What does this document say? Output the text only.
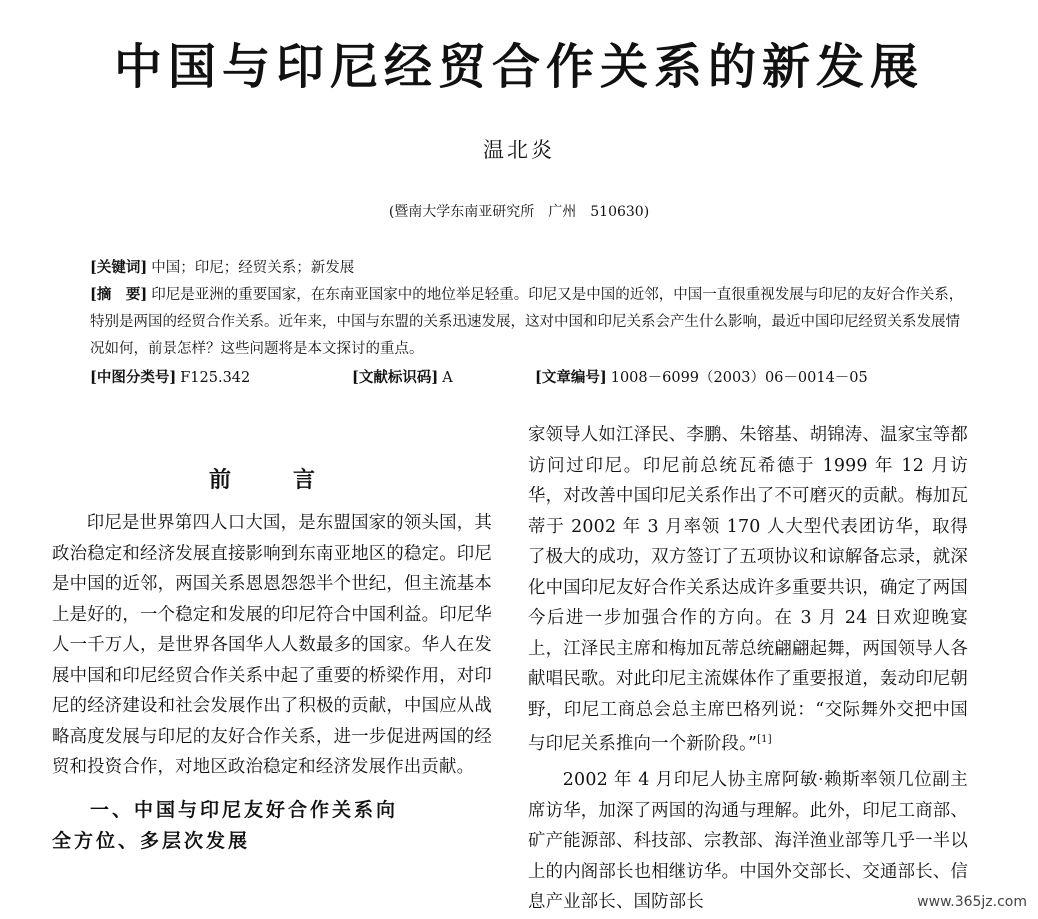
中国与印尼经贸合作关系的新发展
温北炎
(暨南大学东南亚研究所　广州　510630)
[关键词] 中国；印尼；经贸关系；新发展
[摘　要] 印尼是亚洲的重要国家，在东南亚国家中的地位举足轻重。印尼又是中国的近邻，中国一直很重视发展与印尼的友好合作关系，特别是两国的经贸合作关系。近年来，中国与东盟的关系迅速发展，这对中国和印尼关系会产生什么影响，最近中国印尼经贸关系发展情况如何，前景怎样？这些问题将是本文探讨的重点。
[中图分类号] F125.342	[文献标识码] A	[文章编号] 1008－6099（2003）06－0014－05
前　言

印尼是世界第四人口大国，是东盟国家的领头国，其政治稳定和经济发展直接影响到东南亚地区的稳定。印尼是中国的近邻，两国关系恩恩怨怨半个世纪，但主流基本上是好的，一个稳定和发展的印尼符合中国利益。印尼华人一千万人，是世界各国华人人数最多的国家。华人在发展中国和印尼经贸合作关系中起了重要的桥梁作用，对印尼的经济建设和社会发展作出了积极的贡献，中国应从战略高度发展与印尼的友好合作关系，进一步促进两国的经贸和投资合作，对地区政治稳定和经济发展作出贡献。

一、中国与印尼友好合作关系向
全方位、多层次发展

家领导人如江泽民、李鹏、朱镕基、胡锦涛、温家宝等都访问过印尼。印尼前总统瓦希德于 1999 年 12 月访华，对改善中国印尼关系作出了不可磨灭的贡献。梅加瓦蒂于 2002 年 3 月率领 170 人大型代表团访华，取得了极大的成功，双方签订了五项协议和谅解备忘录，就深化中国印尼友好合作关系达成许多重要共识，确定了两国今后进一步加强合作的方向。在 3 月 24 日欢迎晚宴上，江泽民主席和梅加瓦蒂总统翩翩起舞，两国领导人各献唱民歌。对此印尼主流媒体作了重要报道，轰动印尼朝野，印尼工商总会总主席巴格列说：“交际舞外交把中国与印尼关系推向一个新阶段。”[1]

2002 年 4 月印尼人协主席阿敏·赖斯率领几位副主席访华，加深了两国的沟通与理解。此外，印尼工商部、矿产能源部、科技部、宗教部、海洋渔业部等几乎一半以上的内阁部长也相继访华。中国外交部长、交通部长、信息产业部长、国防部长	www.365jz.com
